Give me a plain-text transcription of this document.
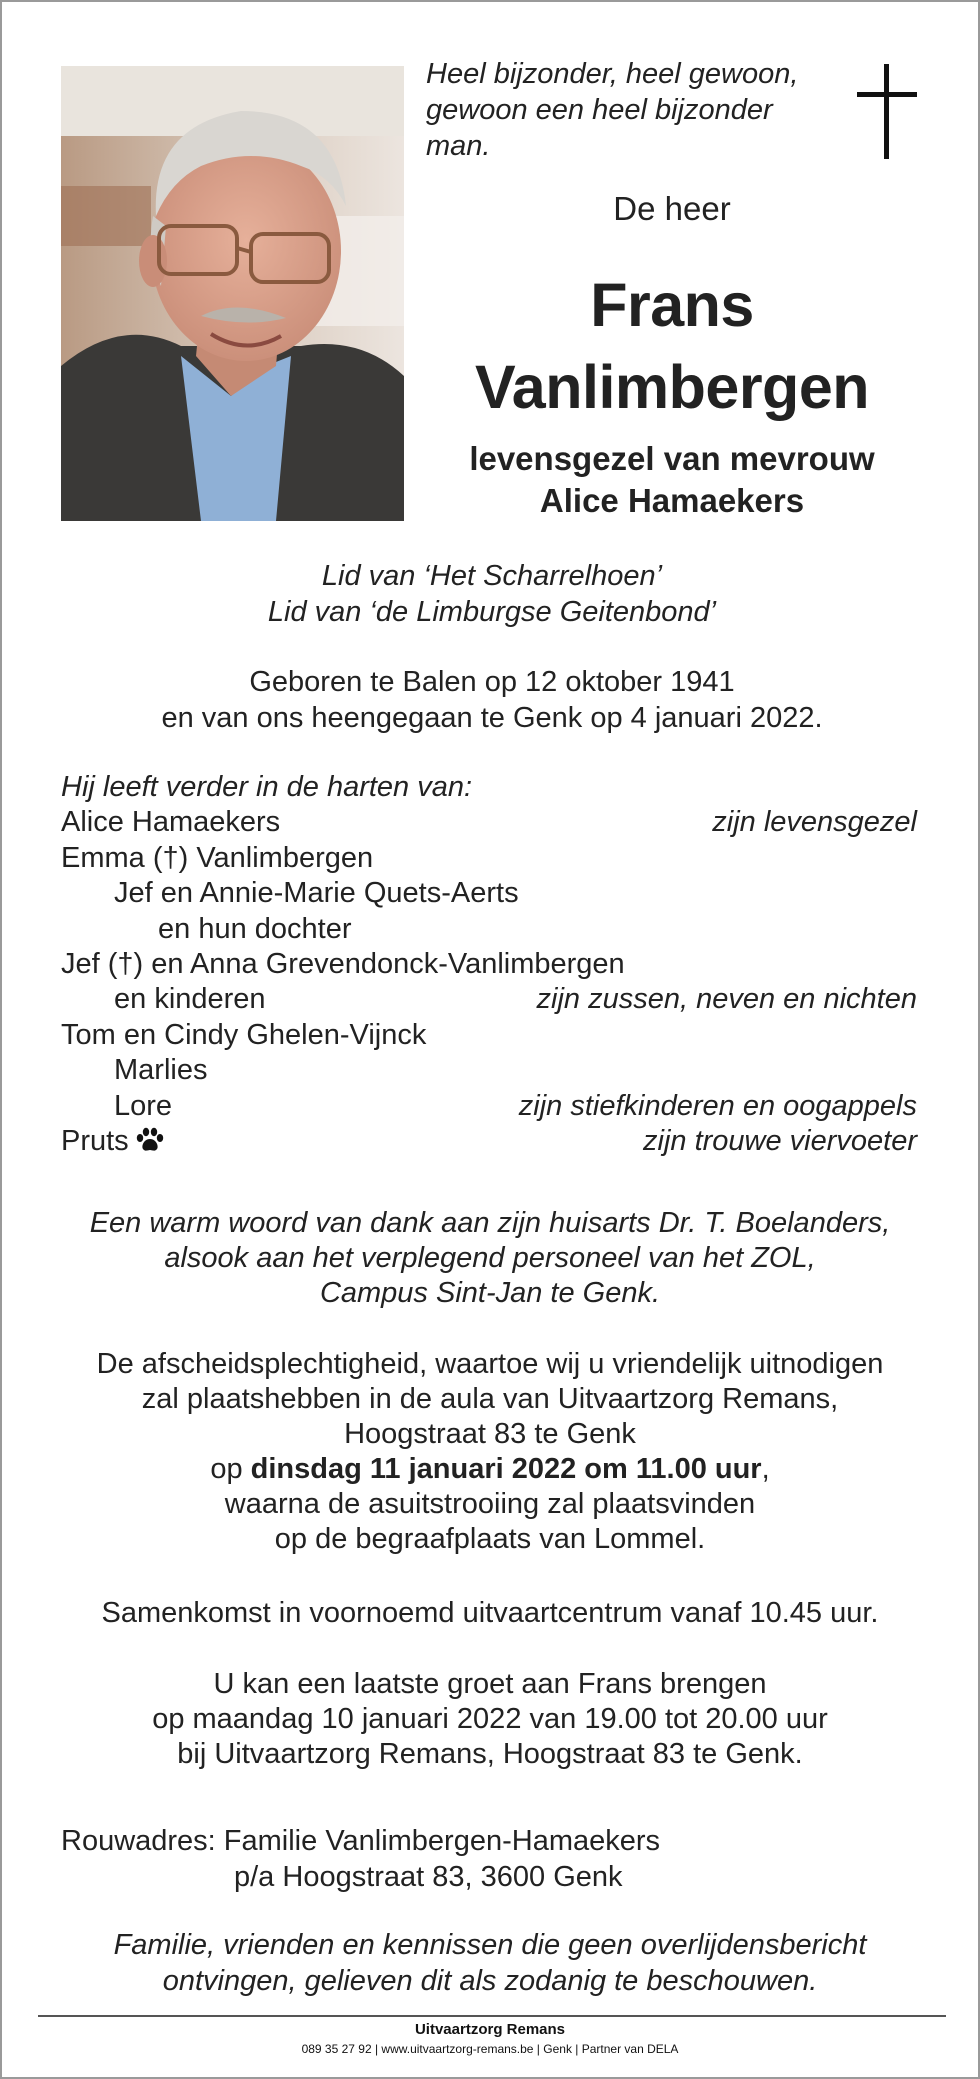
Heel bijzonder, heel gewoon,
gewoon een heel bijzonder
man.
De heer
Frans
Vanlimbergen
levensgezel van mevrouw
Alice Hamaekers
Lid van ‘Het Scharrelhoen’
Lid van ‘de Limburgse Geitenbond’
Geboren te Balen op 12 oktober 1941
en van ons heengegaan te Genk op 4 januari 2022.
Hij leeft verder in de harten van:
Alice Hamaekers	zijn levensgezel
Emma (†) Vanlimbergen
Jef en Annie-Marie Quets-Aerts
en hun dochter
Jef (†) en Anna Grevendonck-Vanlimbergen
en kinderen	zijn zussen, neven en nichten
Tom en Cindy Ghelen-Vijnck
Marlies
Lore	zijn stiefkinderen en oogappels
Pruts	zijn trouwe viervoeter
Een warm woord van dank aan zijn huisarts Dr. T. Boelanders,
alsook aan het verplegend personeel van het ZOL,
Campus Sint-Jan te Genk.
De afscheidsplechtigheid, waartoe wij u vriendelijk uitnodigen
zal plaatshebben in de aula van Uitvaartzorg Remans,
Hoogstraat 83 te Genk
op dinsdag 11 januari 2022 om 11.00 uur,
waarna de asuitstrooiing zal plaatsvinden
op de begraafplaats van Lommel.
Samenkomst in voornoemd uitvaartcentrum vanaf 10.45 uur.
U kan een laatste groet aan Frans brengen
op maandag 10 januari 2022 van 19.00 tot 20.00 uur
bij Uitvaartzorg Remans, Hoogstraat 83 te Genk.
Rouwadres: Familie Vanlimbergen-Hamaekers
p/a Hoogstraat 83, 3600 Genk
Familie, vrienden en kennissen die geen overlijdensbericht
ontvingen, gelieven dit als zodanig te beschouwen.
Uitvaartzorg Remans
089 35 27 92 | www.uitvaartzorg-remans.be | Genk | Partner van DELA
